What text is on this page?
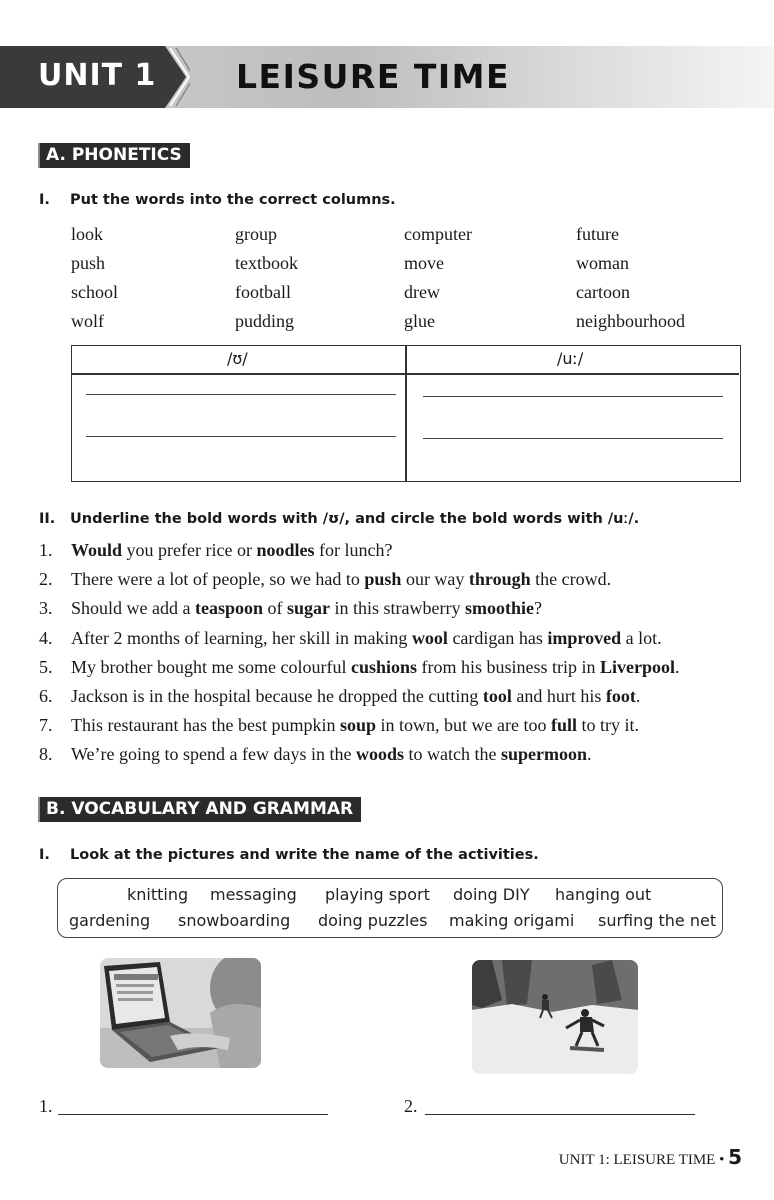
UNIT 1 LEISURE TIME
A. PHONETICS
I. Put the words into the correct columns.
look	group	computer	future
push	textbook	move	woman
school	football	drew	cartoon
wolf	pudding	glue	neighbourhood
/ʊ/	/uː/
II. Underline the bold words with /ʊ/, and circle the bold words with /uː/.
1. Would you prefer rice or noodles for lunch?
2. There were a lot of people, so we had to push our way through the crowd.
3. Should we add a teaspoon of sugar in this strawberry smoothie?
4. After 2 months of learning, her skill in making wool cardigan has improved a lot.
5. My brother bought me some colourful cushions from his business trip in Liverpool.
6. Jackson is in the hospital because he dropped the cutting tool and hurt his foot.
7. This restaurant has the best pumpkin soup in town, but we are too full to try it.
8. We’re going to spend a few days in the woods to watch the supermoon.
B. VOCABULARY AND GRAMMAR
I. Look at the pictures and write the name of the activities.
knitting messaging playing sport doing DIY hanging out
gardening snowboarding doing puzzles making origami surfing the net
1.	2.
UNIT 1: LEISURE TIME • 5
